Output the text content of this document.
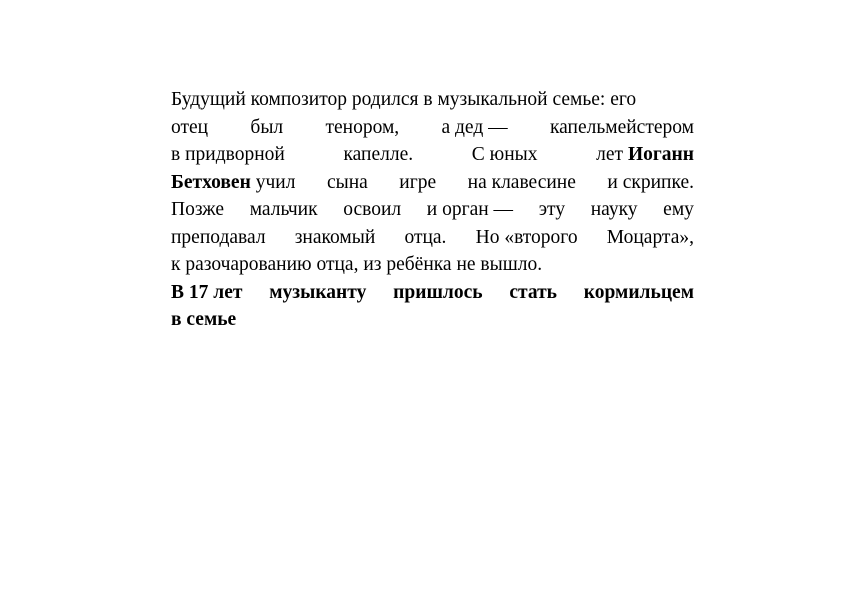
Будущий композитор родился в музыкальной семье: его
отец был тенором, а дед — капельмейстером
в придворной	капелле.	С юных	лет Иоганн
Бетховен учил сына игре на клавесине и скрипке.
Позже мальчик освоил и орган — эту науку ему
преподавал знакомый отца. Но «второго Моцарта»,
к разочарованию отца, из ребёнка не вышло.
В 17 лет музыканту пришлось стать кормильцем
в семье
